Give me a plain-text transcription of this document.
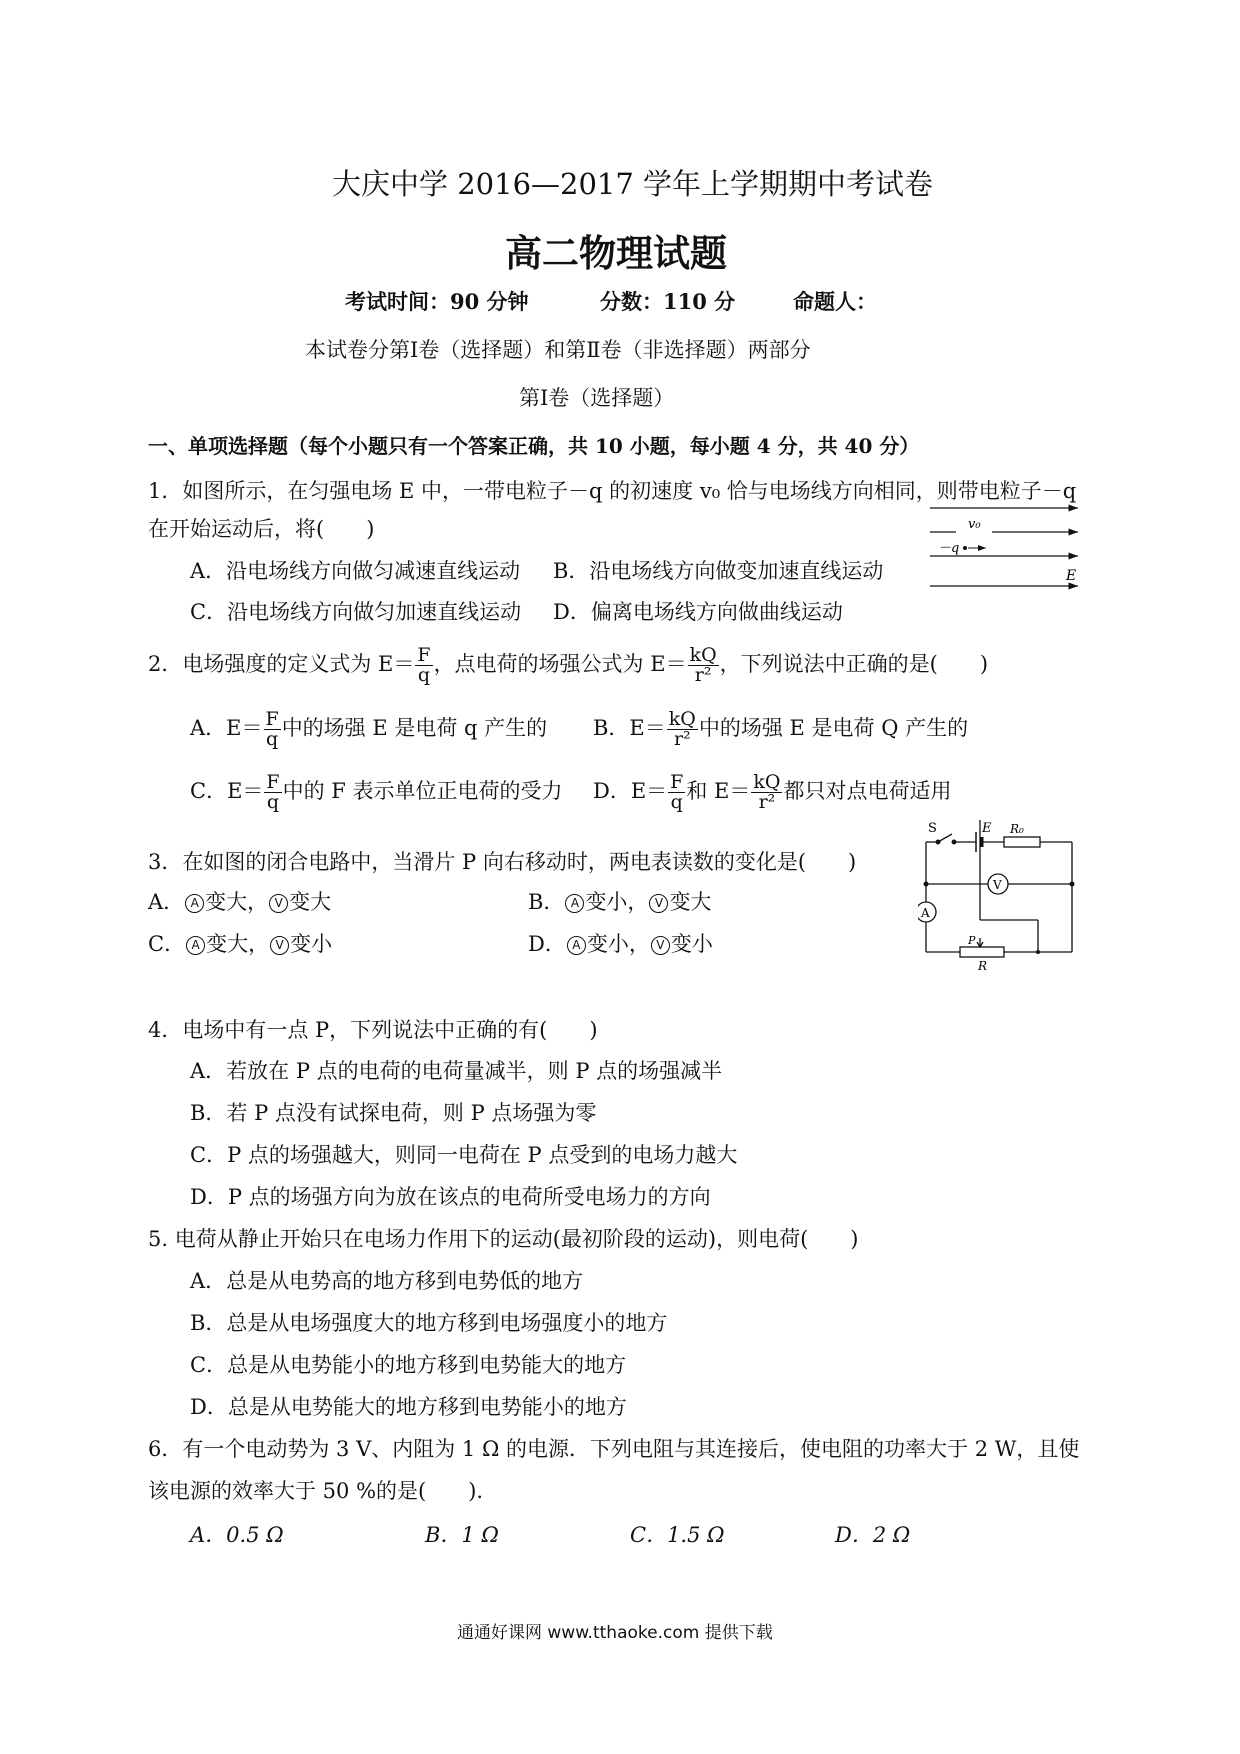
大庆中学 2016—2017 学年上学期期中考试卷
高二物理试题
考试时间：90 分钟	分数：110 分	命题人：
本试卷分第Ⅰ卷（选择题）和第Ⅱ卷（非选择题）两部分
第Ⅰ卷（选择题）
一、单项选择题（每个小题只有一个答案正确，共 10 小题，每小题 4 分，共 40 分）
1．如图所示，在匀强电场 E 中，一带电粒子－q 的初速度 v₀ 恰与电场线方向相同，则带电粒子－q
在开始运动后，将(　　)
A．沿电场线方向做匀减速直线运动 B．沿电场线方向做变加速直线运动
C．沿电场线方向做匀加速直线运动 D．偏离电场线方向做曲线运动
v₀
－q
E
2．电场强度的定义式为 $E= \frac{F}{q}$ ，点电荷的场强公式为 $E= \frac{kQ}{\text{r²}}$ ，下列说法中正确的是(　　)
A．$E= \frac{F}{q}$ 中的场强 E 是电荷 q 产生的 B．$E= \frac{kQ}{\text{r²}}$ 中的场强 E 是电荷 Q 产生的
C．$E= \frac{F}{q}$ 中的 F 表示单位正电荷的受力 D．$E= \frac{F}{q}$ 和 $E= \frac{kQ}{\text{r²}}$ 都只对点电荷适用
3．在如图的闭合电路中，当滑片 P 向右移动时，两电表读数的变化是(　　)
A． A 变大， V 变大	B． A 变小， V 变大
C． A 变大， V 变小	D． A 变小， V 变小
S	E R₀
V
A
P
R
4．电场中有一点 P，下列说法中正确的有(　　)
A．若放在 P 点的电荷的电荷量减半，则 P 点的场强减半
B．若 P 点没有试探电荷，则 P 点场强为零
C．P 点的场强越大，则同一电荷在 P 点受到的电场力越大
D．P 点的场强方向为放在该点的电荷所受电场力的方向
5. 电荷从静止开始只在电场力作用下的运动(最初阶段的运动)，则电荷(　　)
A．总是从电势高的地方移到电势低的地方
B．总是从电场强度大的地方移到电场强度小的地方
C．总是从电势能小的地方移到电势能大的地方
D．总是从电势能大的地方移到电势能小的地方
6．有一个电动势为 3 V、内阻为 1 Ω 的电源．下列电阻与其连接后，使电阻的功率大于 2 W，且使
该电源的效率大于 50 %的是(　　).
A．0.5 Ω	B．1 Ω	C．1.5 Ω	D．2 Ω
通通好课网 www.tthaoke.com 提供下载
